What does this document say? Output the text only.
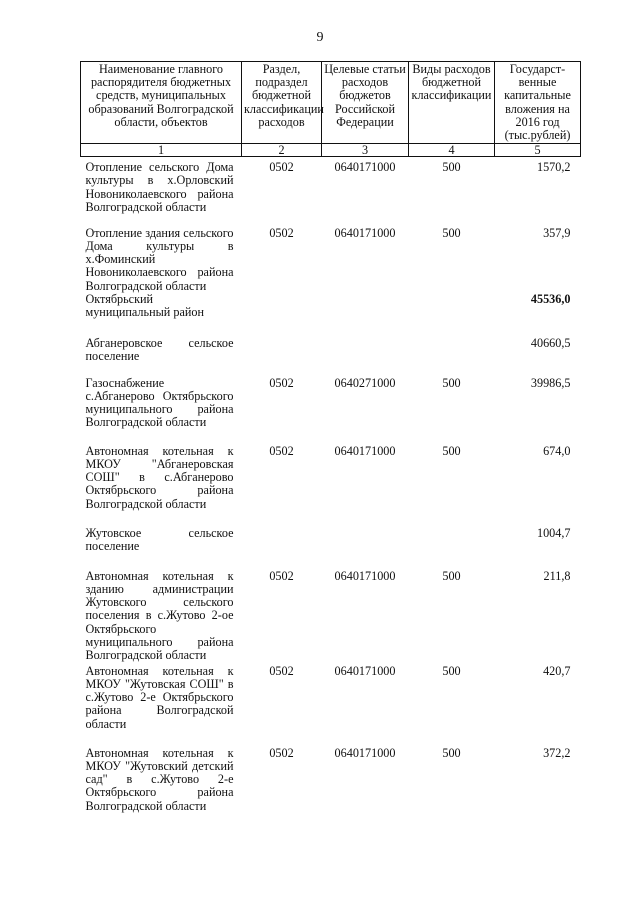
9
Наименование главного распорядителя бюджетных средств, муниципальных образований Волгоградской области, объектов	Раздел, подраздел бюджетной классификации расходов	Целевые статьи расходов бюджетов Российской Федерации	Виды расходов бюджетной классификации	Государст-венные капитальные вложения на 2016 год (тыс.рублей)
1	2	3	4	5
Отопление сельского Дома культуры в х.Орловский Новониколаевского района Волгоградской области	0502	0640171000	500	1570,2
Отопление здания сельского Дома культуры в х.Фоминский Новониколаевского района Волгоградской области	0502	0640171000	500	357,9
Октябрьский муниципальный район				45536,0
Абганеровское сельское поселение				40660,5
Газоснабжение с.Абганерово Октябрьского муниципального района Волгоградской области	0502	0640271000	500	39986,5
Автономная котельная к МКОУ "Абганеровская СОШ" в с.Абганерово Октябрьского района Волгоградской области	0502	0640171000	500	674,0
Жутовское сельское поселение				1004,7
Автономная котельная к зданию администрации Жутовского сельского поселения в с.Жутово 2-ое Октябрьского муниципального района Волгоградской области	0502	0640171000	500	211,8
Автономная котельная к МКОУ "Жутовская СОШ" в с.Жутово 2-е Октябрьского района Волгоградской области	0502	0640171000	500	420,7
Автономная котельная к МКОУ "Жутовский детский сад" в с.Жутово 2-е Октябрьского района Волгоградской области	0502	0640171000	500	372,2
